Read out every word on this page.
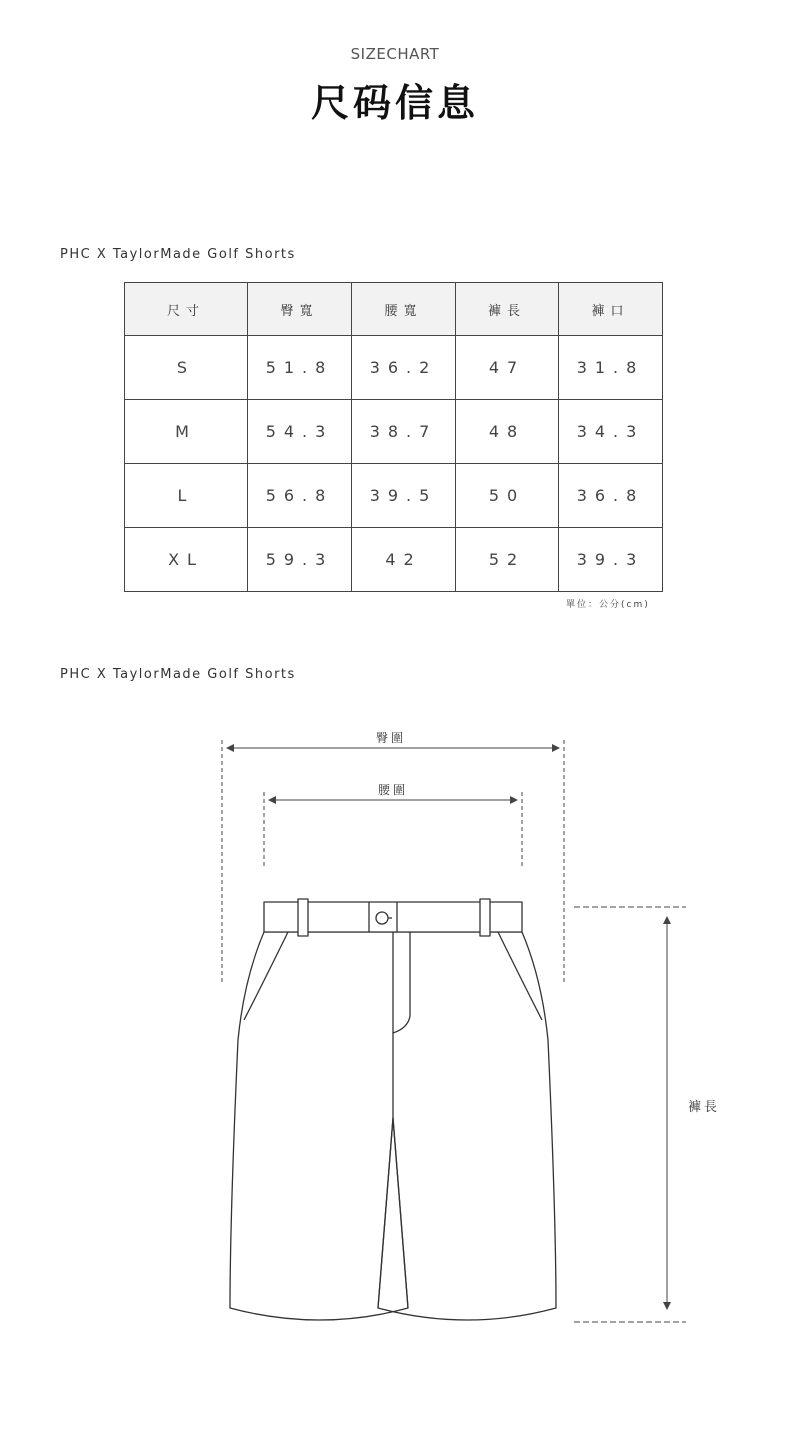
SIZECHART
尺码信息
PHC X TaylorMade Golf Shorts
尺寸	臀寬	腰寬	褲長	褲口
S	51.8	36.2	47	31.8
M	54.3	38.7	48	34.3
L	56.8	39.5	50	36.8
XL	59.3	42	52	39.3
單位：公分(cm)
PHC X TaylorMade Golf Shorts
臀圍
腰圍
褲長
